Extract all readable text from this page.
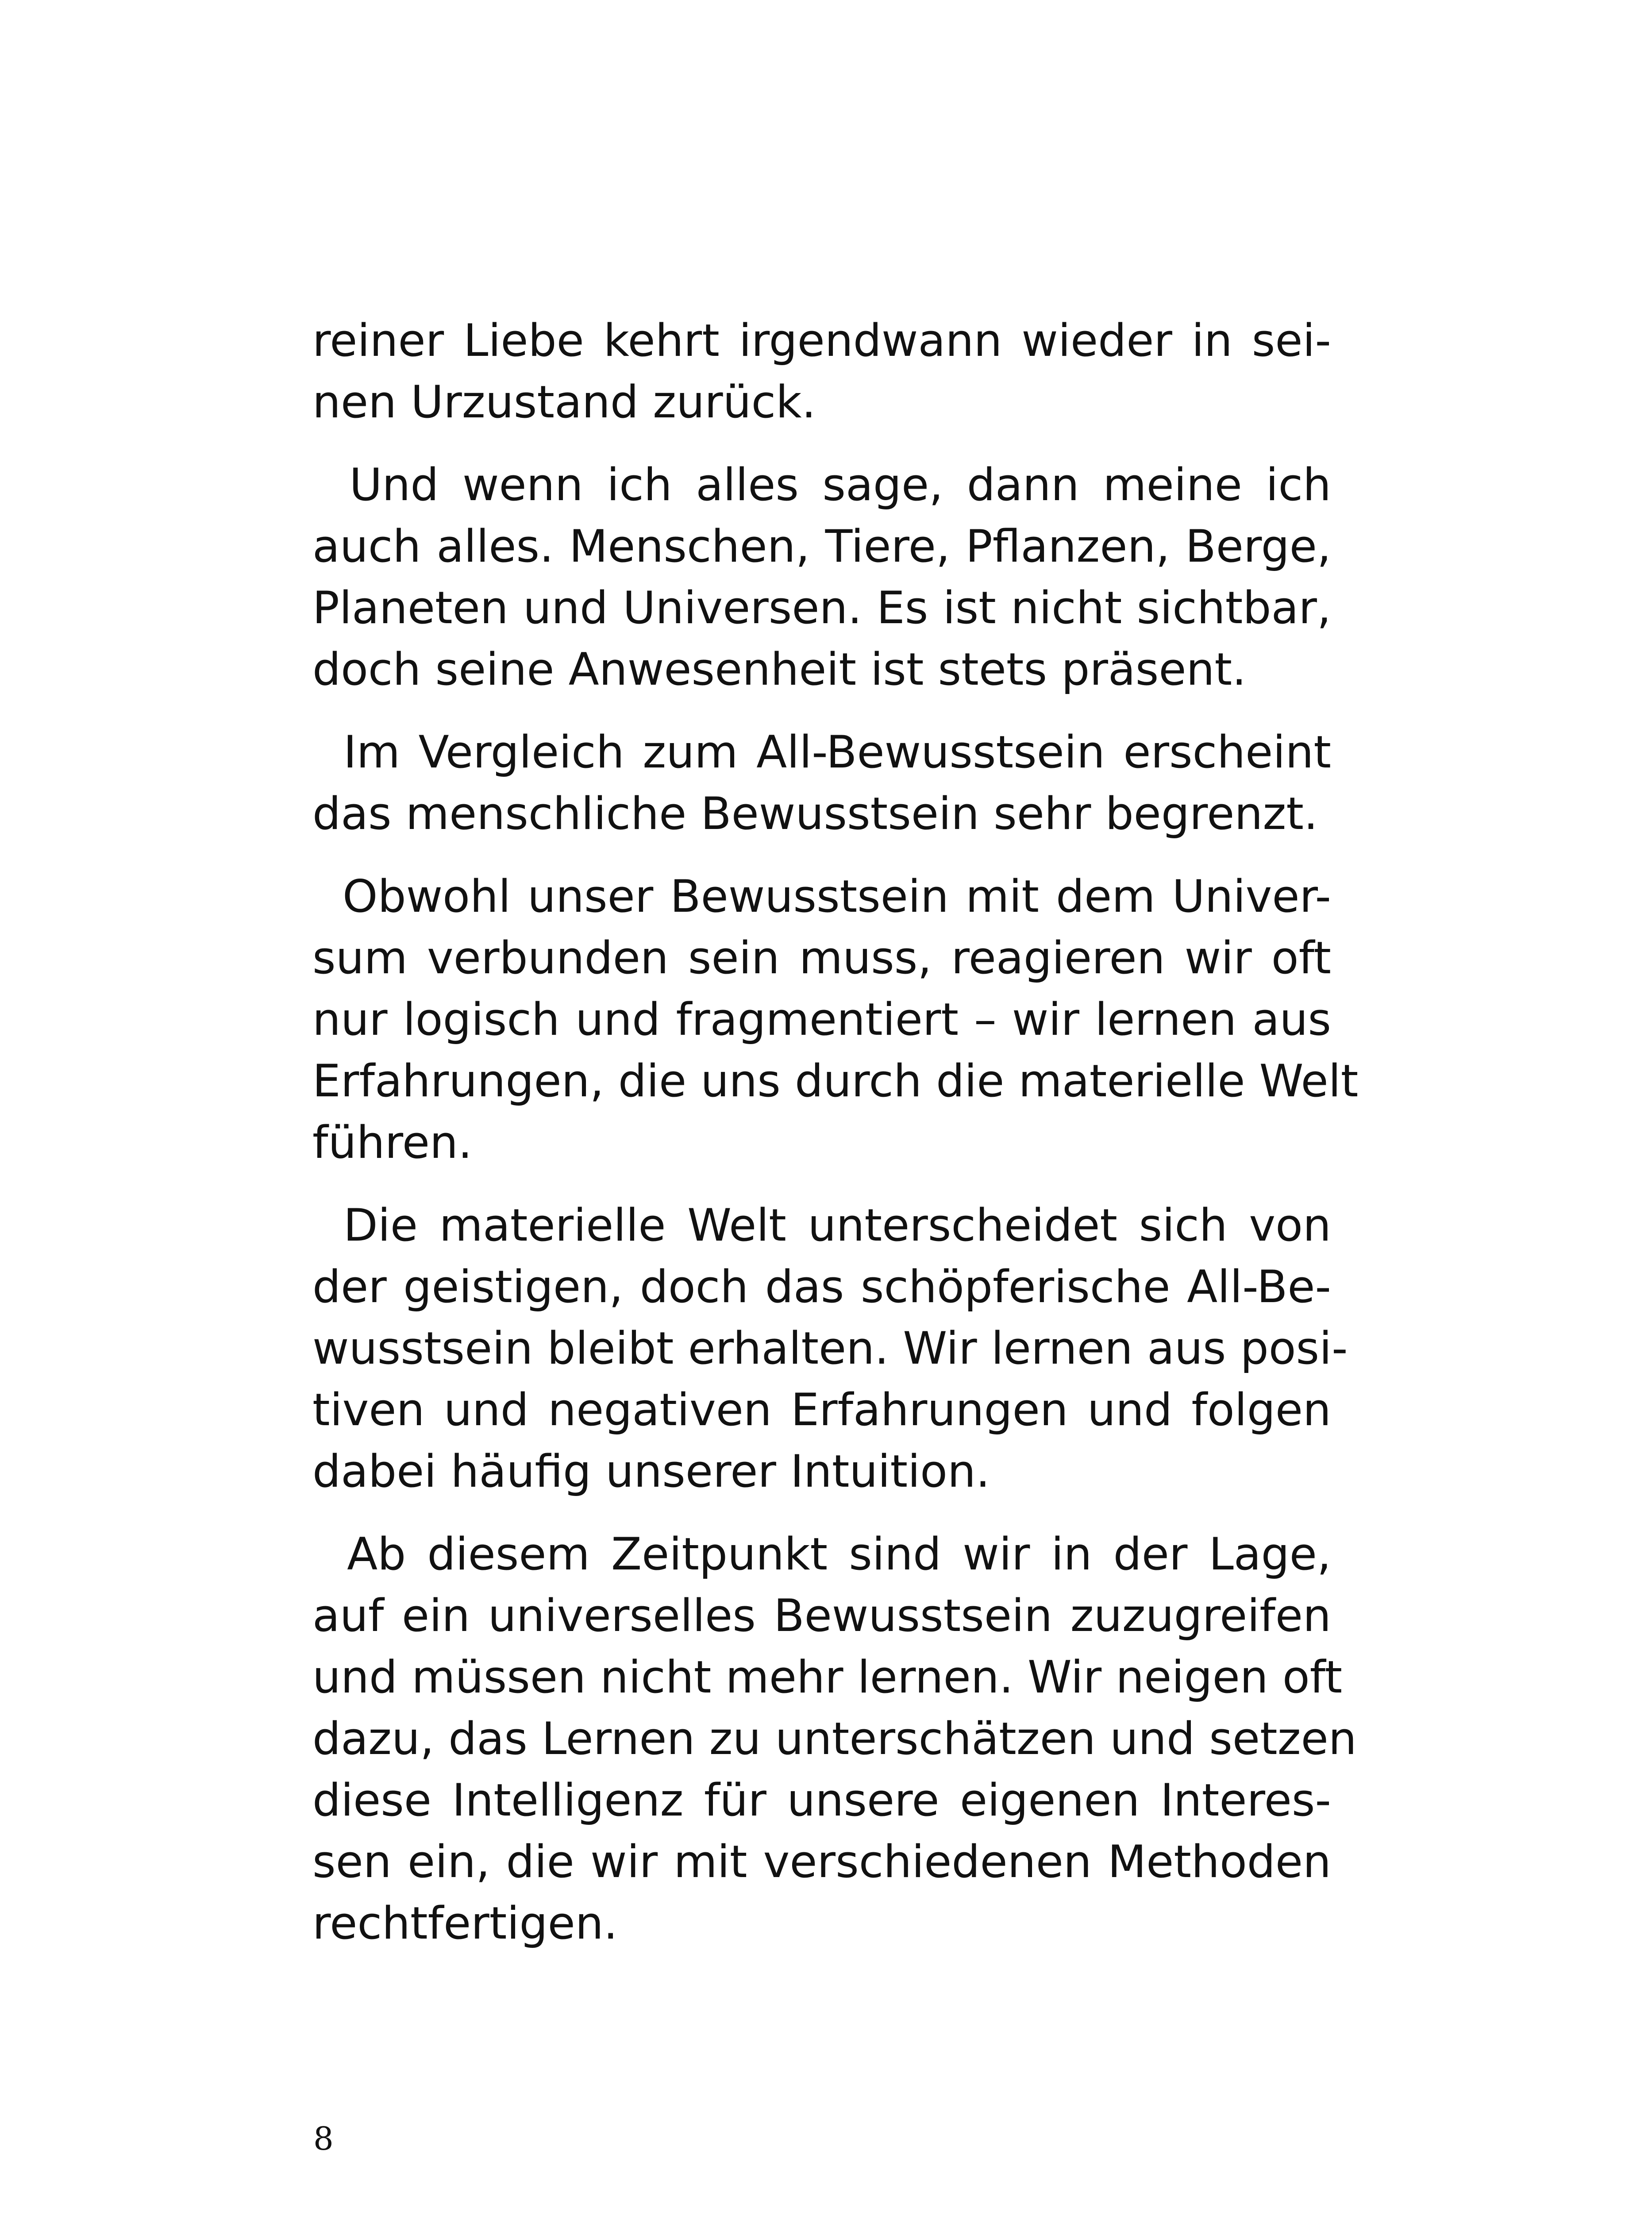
reiner Liebe kehrt irgendwann wieder in sei-
nen Urzustand zurück.
Und wenn ich alles sage, dann meine ich
auch alles. Menschen, Tiere, Pflanzen, Berge,
Planeten und Universen. Es ist nicht sichtbar,
doch seine Anwesenheit ist stets präsent.
Im Vergleich zum All-Bewusstsein erscheint
das menschliche Bewusstsein sehr begrenzt.
Obwohl unser Bewusstsein mit dem Univer-
sum verbunden sein muss, reagieren wir oft
nur logisch und fragmentiert – wir lernen aus
Erfahrungen, die uns durch die materielle Welt
führen.
Die materielle Welt unterscheidet sich von
der geistigen, doch das schöpferische All-Be-
wusstsein bleibt erhalten. Wir lernen aus posi-
tiven und negativen Erfahrungen und folgen
dabei häufig unserer Intuition.
Ab diesem Zeitpunkt sind wir in der Lage,
auf ein universelles Bewusstsein zuzugreifen
und müssen nicht mehr lernen. Wir neigen oft
dazu, das Lernen zu unterschätzen und setzen
diese Intelligenz für unsere eigenen Interes-
sen ein, die wir mit verschiedenen Methoden
rechtfertigen.
8
